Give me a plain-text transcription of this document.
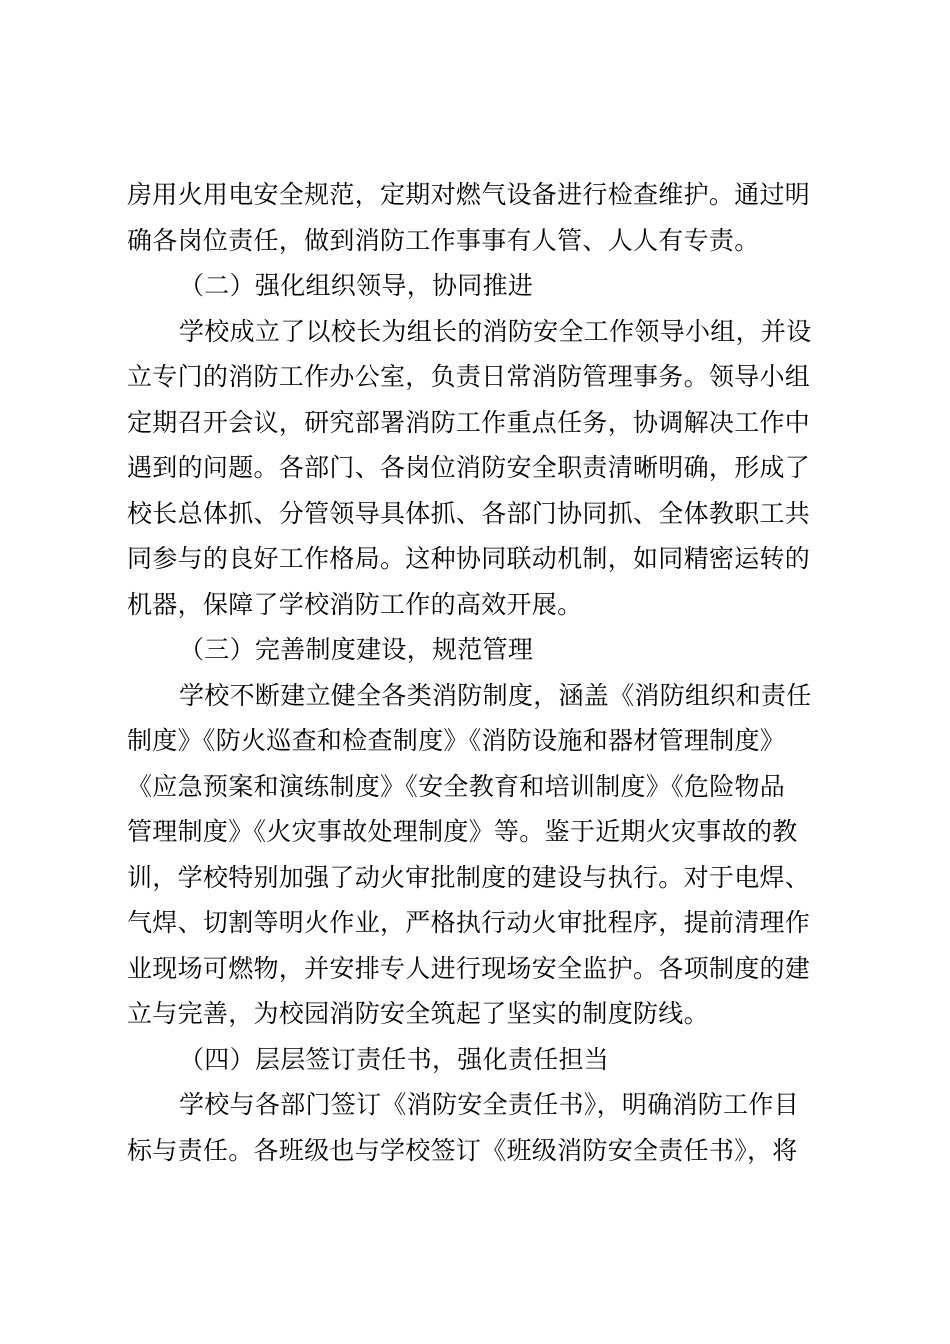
房用火用电安全规范，定期对燃气设备进行检查维护。通过明
确各岗位责任，做到消防工作事事有人管、人人有专责。
（二）强化组织领导，协同推进
学校成立了以校长为组长的消防安全工作领导小组，并设
立专门的消防工作办公室，负责日常消防管理事务。领导小组
定期召开会议，研究部署消防工作重点任务，协调解决工作中
遇到的问题。各部门、各岗位消防安全职责清晰明确，形成了
校长总体抓、分管领导具体抓、各部门协同抓、全体教职工共
同参与的良好工作格局。这种协同联动机制，如同精密运转的
机器，保障了学校消防工作的高效开展。
（三）完善制度建设，规范管理
学校不断建立健全各类消防制度，涵盖《消防组织和责任
制度》《防火巡查和检查制度》《消防设施和器材管理制度》
《应急预案和演练制度》《安全教育和培训制度》《危险物品
管理制度》《火灾事故处理制度》等。鉴于近期火灾事故的教
训，学校特别加强了动火审批制度的建设与执行。对于电焊、
气焊、切割等明火作业，严格执行动火审批程序，提前清理作
业现场可燃物，并安排专人进行现场安全监护。各项制度的建
立与完善，为校园消防安全筑起了坚实的制度防线。
（四）层层签订责任书，强化责任担当
学校与各部门签订《消防安全责任书》，明确消防工作目
标与责任。各班级也与学校签订《班级消防安全责任书》，将
